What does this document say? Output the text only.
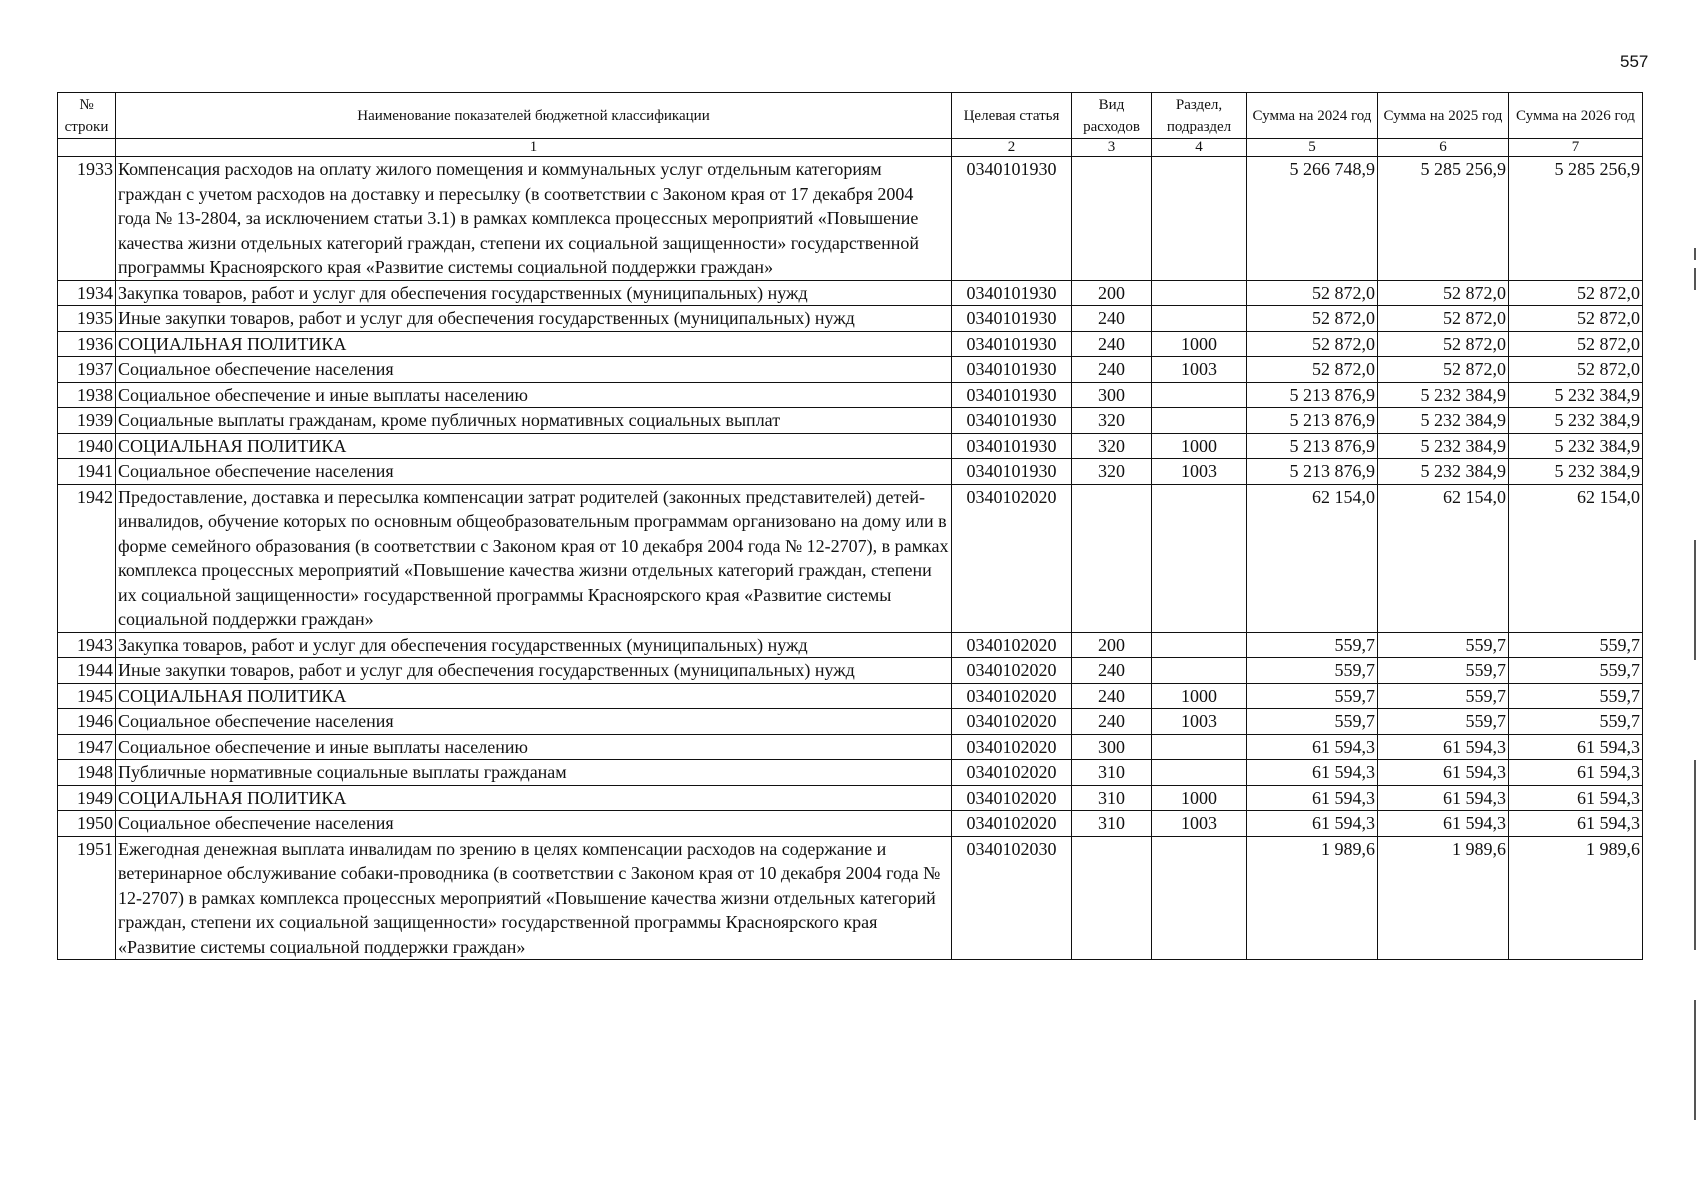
557
№ строки	Наименование показателей бюджетной классификации	Целевая статья	Вид расходов	Раздел, подраздел	Сумма на 2024 год	Сумма на 2025 год	Сумма на 2026 год
	1	2	3	4	5	6	7
1933	Компенсация расходов на оплату жилого помещения и коммунальных услуг отдельным категориям граждан с учетом расходов на доставку и пересылку (в соответствии с Законом края от 17 декабря 2004 года № 13-2804, за исключением статьи 3.1) в рамках комплекса процессных мероприятий «Повышение качества жизни отдельных категорий граждан, степени их социальной защищенности» государственной программы Красноярского края «Развитие системы социальной поддержки граждан»	0340101930			5 266 748,9	5 285 256,9	5 285 256,9
1934	Закупка товаров, работ и услуг для обеспечения государственных (муниципальных) нужд	0340101930	200		52 872,0	52 872,0	52 872,0
1935	Иные закупки товаров, работ и услуг для обеспечения государственных (муниципальных) нужд	0340101930	240		52 872,0	52 872,0	52 872,0
1936	СОЦИАЛЬНАЯ ПОЛИТИКА	0340101930	240	1000	52 872,0	52 872,0	52 872,0
1937	Социальное обеспечение населения	0340101930	240	1003	52 872,0	52 872,0	52 872,0
1938	Социальное обеспечение и иные выплаты населению	0340101930	300		5 213 876,9	5 232 384,9	5 232 384,9
1939	Социальные выплаты гражданам, кроме публичных нормативных социальных выплат	0340101930	320		5 213 876,9	5 232 384,9	5 232 384,9
1940	СОЦИАЛЬНАЯ ПОЛИТИКА	0340101930	320	1000	5 213 876,9	5 232 384,9	5 232 384,9
1941	Социальное обеспечение населения	0340101930	320	1003	5 213 876,9	5 232 384,9	5 232 384,9
1942	Предоставление, доставка и пересылка компенсации затрат родителей (законных представителей) детей-инвалидов, обучение которых по основным общеобразовательным программам организовано на дому или в форме семейного образования (в соответствии с Законом края от 10 декабря 2004 года № 12-2707), в рамках комплекса процессных мероприятий «Повышение качества жизни отдельных категорий граждан, степени их социальной защищенности» государственной программы Красноярского края «Развитие системы социальной поддержки граждан»	0340102020			62 154,0	62 154,0	62 154,0
1943	Закупка товаров, работ и услуг для обеспечения государственных (муниципальных) нужд	0340102020	200		559,7	559,7	559,7
1944	Иные закупки товаров, работ и услуг для обеспечения государственных (муниципальных) нужд	0340102020	240		559,7	559,7	559,7
1945	СОЦИАЛЬНАЯ ПОЛИТИКА	0340102020	240	1000	559,7	559,7	559,7
1946	Социальное обеспечение населения	0340102020	240	1003	559,7	559,7	559,7
1947	Социальное обеспечение и иные выплаты населению	0340102020	300		61 594,3	61 594,3	61 594,3
1948	Публичные нормативные социальные выплаты гражданам	0340102020	310		61 594,3	61 594,3	61 594,3
1949	СОЦИАЛЬНАЯ ПОЛИТИКА	0340102020	310	1000	61 594,3	61 594,3	61 594,3
1950	Социальное обеспечение населения	0340102020	310	1003	61 594,3	61 594,3	61 594,3
1951	Ежегодная денежная выплата инвалидам по зрению в целях компенсации расходов на содержание и ветеринарное обслуживание собаки-проводника (в соответствии с Законом края от 10 декабря 2004 года № 12-2707) в рамках комплекса процессных мероприятий «Повышение качества жизни отдельных категорий граждан, степени их социальной защищенности» государственной программы Красноярского края «Развитие системы социальной поддержки граждан»	0340102030			1 989,6	1 989,6	1 989,6
